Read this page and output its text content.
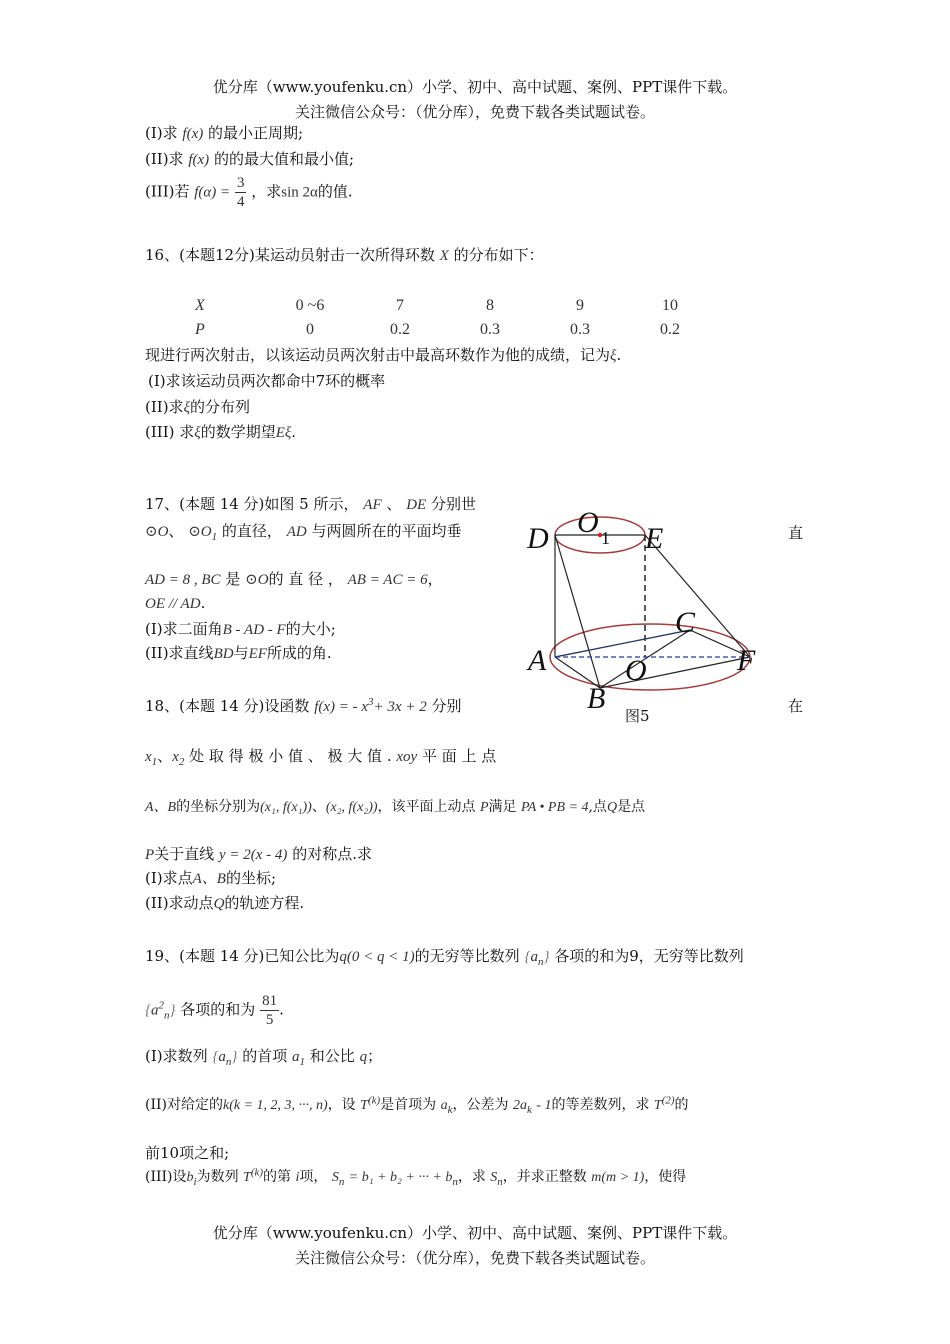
优分库（www.youfenku.cn）小学、初中、高中试题、案例、PPT课件下载。
关注微信公众号：（优分库），免费下载各类试题试卷。
(I)求 f(x) 的最小正周期;
(II)求 f(x) 的的最大值和最小值;
(III)若 $f(\alpha) = \frac{3}{4}$ ，求sin 2α的值.
16、(本题12分)某运动员射击一次所得环数 X 的分布如下：
X	0 ~6	7	8	9	10
P	0	0.2	0.3	0.3	0.2
现进行两次射击，以该运动员两次射击中最高环数作为他的成绩，记为ξ.
(I)求该运动员两次都命中7环的概率
(II)求ξ的分布列
(III) 求ξ的数学期望Eξ.
17、(本题 14 分)如图 5 所示， AF 、 DE 分别世
直
⊙O、 $⊙O_1$ 的直径， AD 与两圆所在的平面均垂
AD = 8 , BC 是 ⊙O的 直 径 ， AB = AC = 6，
OE // AD.
(I)求二面角B - AD - F的大小;
(II)求直线BD与EF所成的角.
D O 1 E
C
A	O	F
B
图5
18、(本题 14 分)设函数 f(x) = - $x^3+ 3x + 2$ 分别	在
$x_1$、$x_2$ 处 取 得 极 小 值 、 极 大 值 . xoy 平 面 上 点
A、B的坐标分别为(x₁, f(x₁))、(x₂, f(x₂))，该平面上动点 P满足 PA • PB = 4,点Q是点
P关于直线 y = 2(x - 4) 的对称点.求
(I)求点A、B的坐标;
(II)求动点Q的轨迹方程.
19、(本题 14 分)已知公比为q(0 < q < 1)的无穷等比数列 $\{a_n\}$ 各项的和为9，无穷等比数列
$\{a^2_n\}$ 各项的和为 $\frac{81}{5}$ .
(I)求数列 $\{a_n\}$ 的首项 $a_1$ 和公比 q；
(II)对给定的k(k = 1, 2, 3, ···, n)，设 $T^{(k)}$是首项为 $a_k$，公差为 $2a_k - 1$的等差数列，求 $T^{(2)}$的
前10项之和;
(III)设$b_i$为数列 $T^{(k)}$的第 i项， $S_n = b_1 + b_2$ + ··· + $b_n$，求 $S_n$，并求正整数 m(m > 1)，使得
优分库（www.youfenku.cn）小学、初中、高中试题、案例、PPT课件下载。
关注微信公众号：（优分库），免费下载各类试题试卷。
